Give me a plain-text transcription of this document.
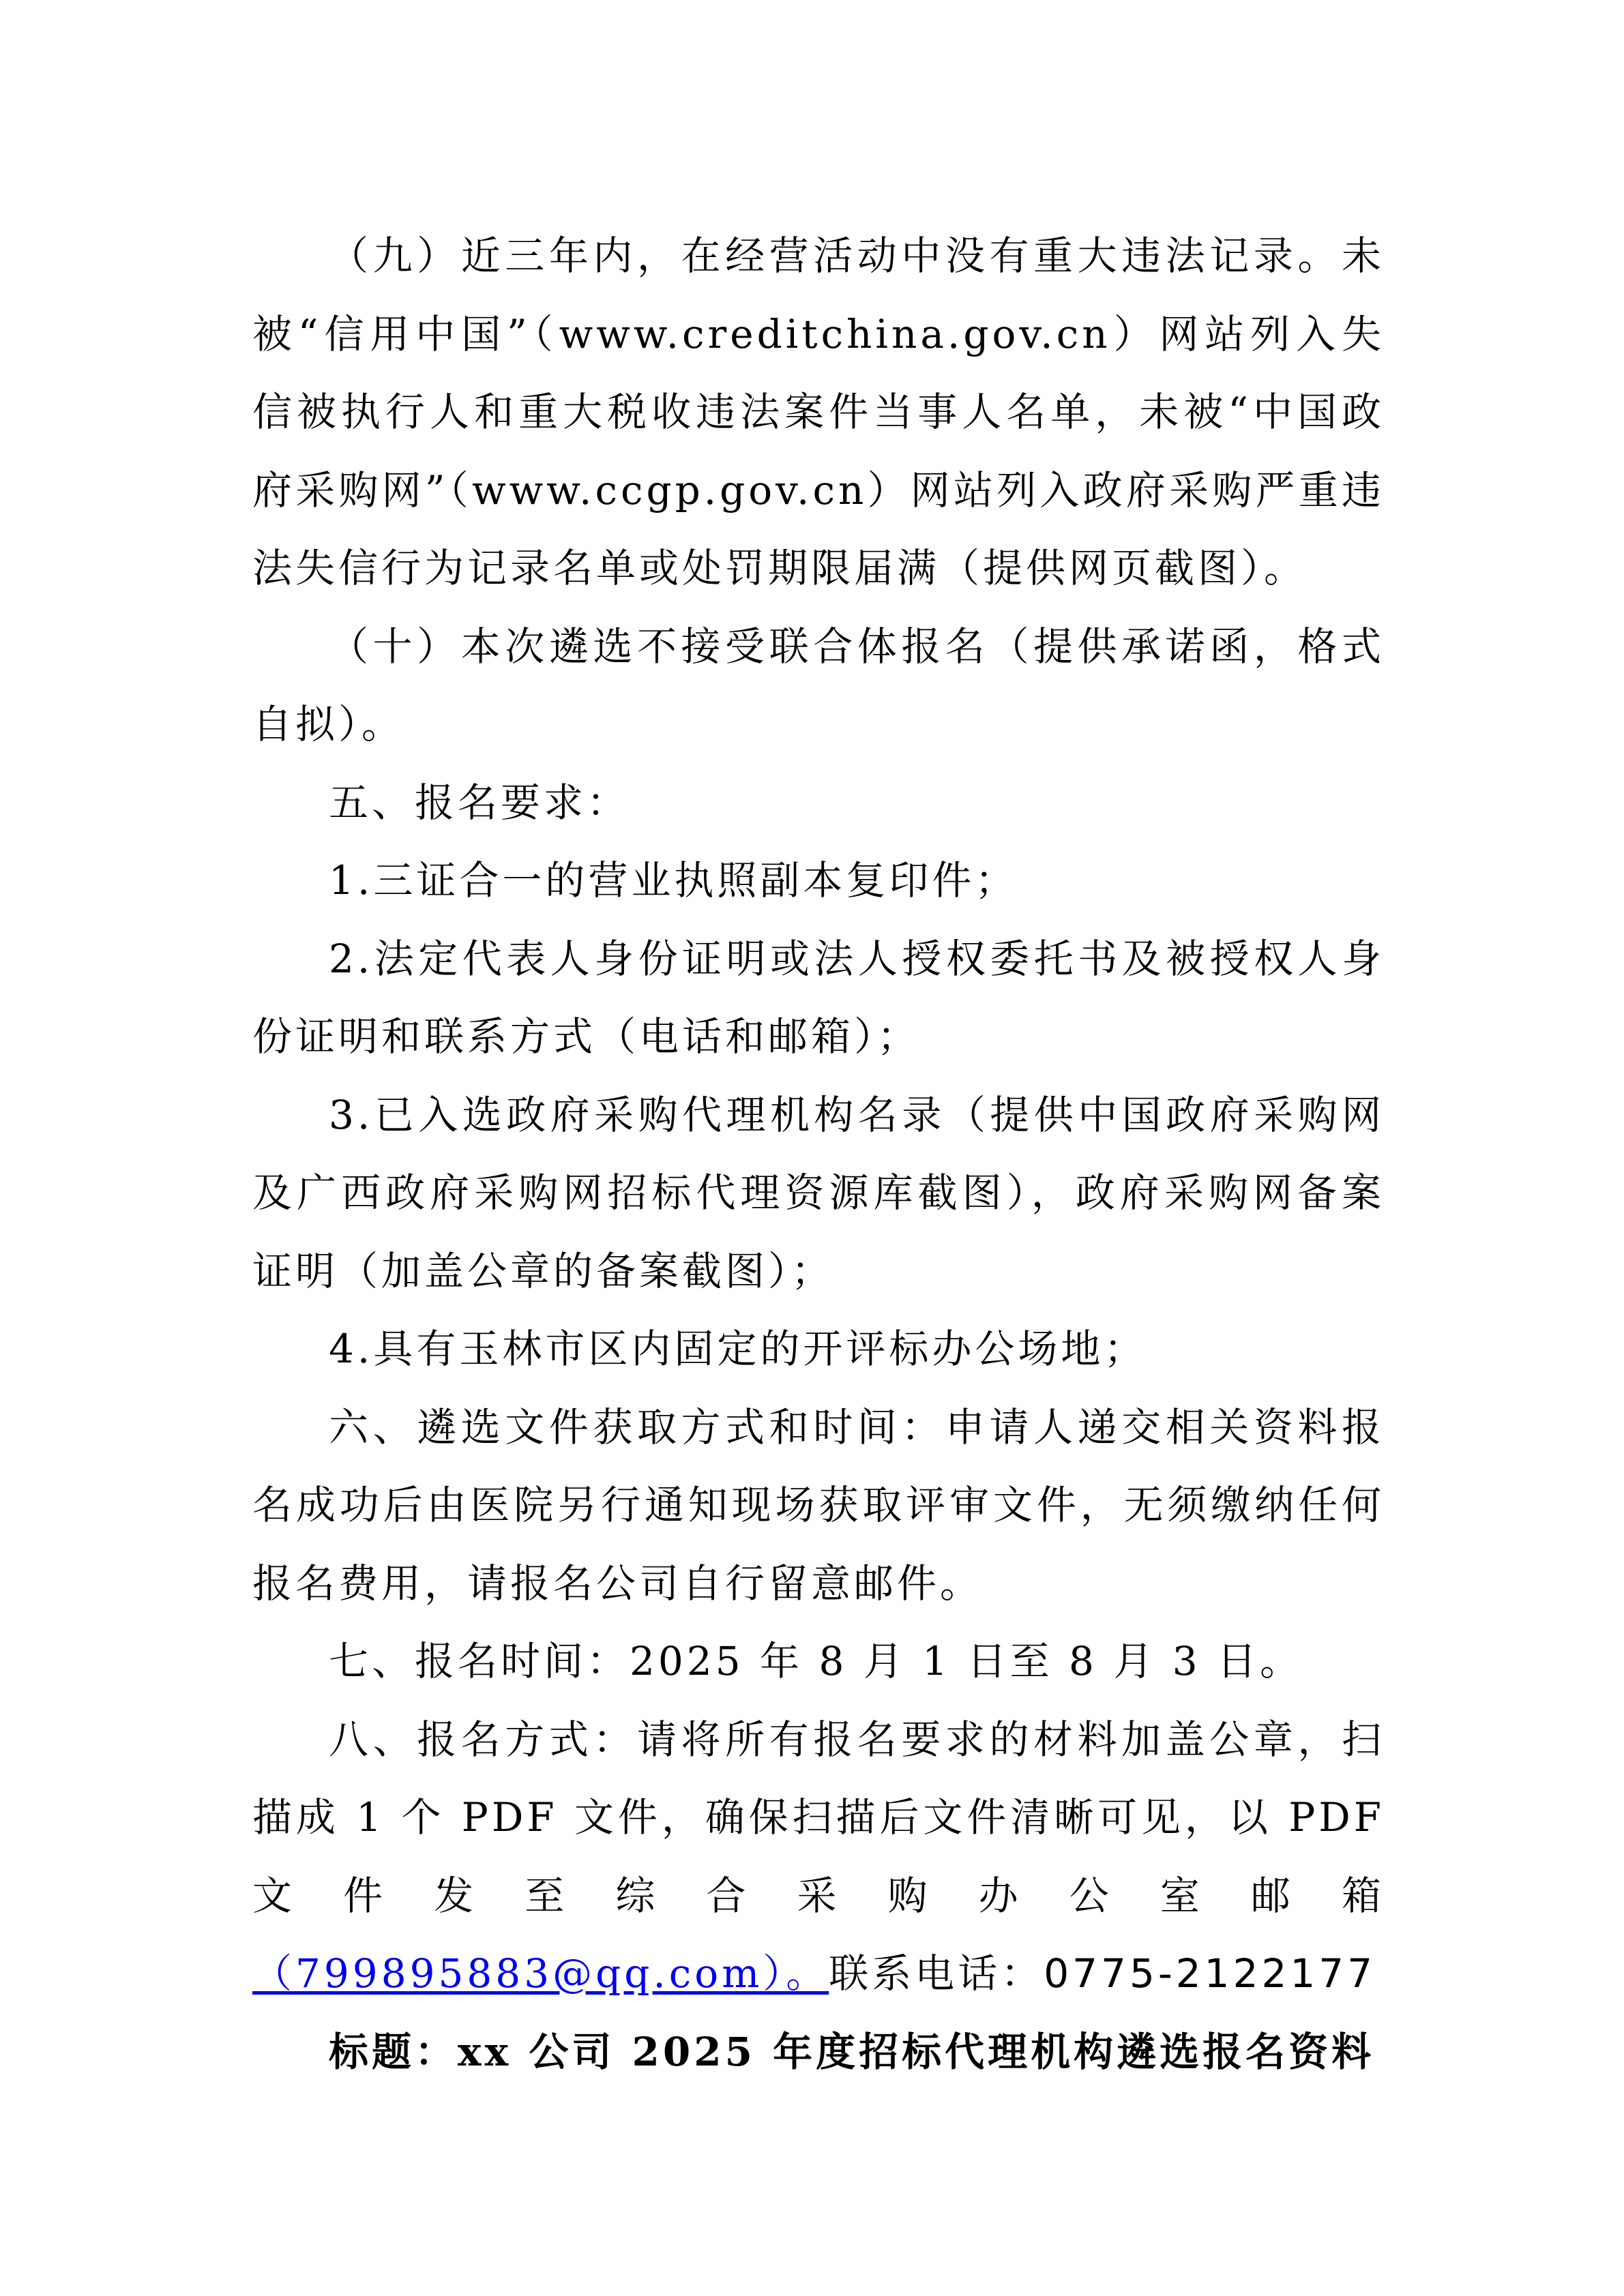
（九）近三年内，在经营活动中没有重大违法记录。未被“信用中国”（www.creditchina.gov.cn）网站列入失信被执行人和重大税收违法案件当事人名单，未被“中国政府采购网”（www.ccgp.gov.cn）网站列入政府采购严重违法失信行为记录名单或处罚期限届满（提供网页截图）。

（十）本次遴选不接受联合体报名（提供承诺函，格式自拟）。

五、报名要求：

1.三证合一的营业执照副本复印件；

2.法定代表人身份证明或法人授权委托书及被授权人身份证明和联系方式（电话和邮箱）；

3.已入选政府采购代理机构名录（提供中国政府采购网及广西政府采购网招标代理资源库截图），政府采购网备案证明（加盖公章的备案截图）；

4.具有玉林市区内固定的开评标办公场地；

六、遴选文件获取方式和时间：申请人递交相关资料报名成功后由医院另行通知现场获取评审文件，无须缴纳任何报名费用，请报名公司自行留意邮件。

七、报名时间：2025 年 8 月 1 日至 8 月 3 日。

八、报名方式：请将所有报名要求的材料加盖公章，扫描成 1 个 PDF 文件，确保扫描后文件清晰可见，以 PDF 文件发至综合采购办公室邮箱（799895883@qq.com）。联系电话：0775-2122177

标题：xx 公司 2025 年度招标代理机构遴选报名资料
